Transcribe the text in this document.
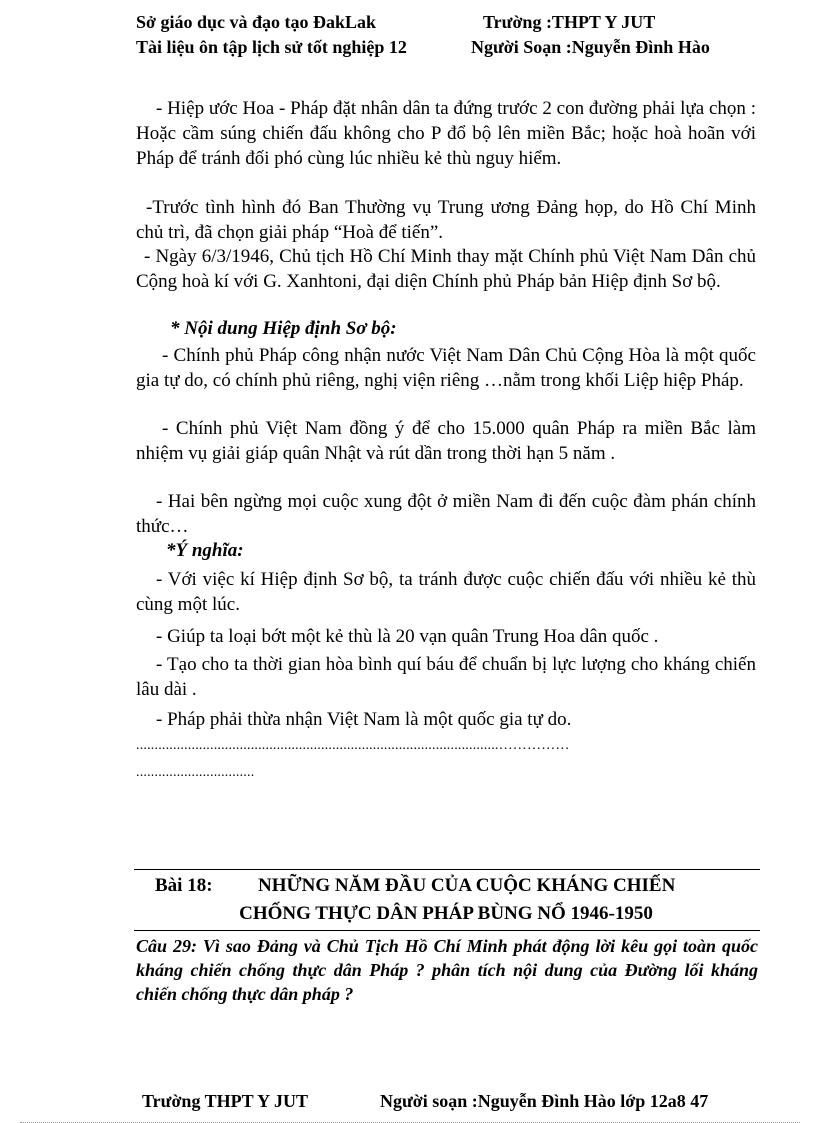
Sở giáo dục và đạo tạo ĐakLak	Trường :THPT Y JUT
Tài liệu ôn tập lịch sử tốt nghiệp 12	Người Soạn :Nguyễn Đình Hào
- Hiệp ước Hoa - Pháp đặt nhân dân ta đứng trước 2 con đường phải lựa chọn : Hoặc cầm súng chiến đấu không cho P đổ bộ lên miền Bắc; hoặc hoà hoãn với Pháp để tránh đối phó cùng lúc nhiều kẻ thù nguy hiểm.
-Trước tình hình đó Ban Thường vụ Trung ương Đảng họp, do Hồ Chí Minh chủ trì, đã chọn giải pháp “Hoà để tiến”.
- Ngày 6/3/1946, Chủ tịch Hồ Chí Minh thay mặt Chính phủ Việt Nam Dân chủ Cộng hoà kí với G. Xanhtoni, đại diện Chính phủ Pháp bản Hiệp định Sơ bộ.
* Nội dung Hiệp định Sơ bộ:
- Chính phủ Pháp công nhận nước Việt Nam Dân Chủ Cộng Hòa là một quốc gia tự do, có chính phủ riêng, nghị viện riêng …nằm trong khối Liệp hiệp Pháp.
- Chính phủ Việt Nam đồng ý để cho 15.000 quân Pháp ra miền Bắc làm nhiệm vụ giải giáp quân Nhật và rút dần trong thời hạn 5 năm .
- Hai bên ngừng mọi cuộc xung đột ở miền Nam đi đến cuộc đàm phán chính thức…
*Ý nghĩa:
- Với việc kí Hiệp định Sơ bộ, ta tránh được cuộc chiến đấu với nhiều kẻ thù cùng một lúc.
- Giúp ta loại bớt một kẻ thù là 20 vạn quân Trung Hoa dân quốc .
- Tạo cho ta thời gian hòa bình quí báu để chuẩn bị lực lượng cho kháng chiến lâu dài .
- Pháp phải thừa nhận Việt Nam là một quốc gia tự do.
..................................................................................................……………
................................
Bài 18: NHỮNG NĂM ĐẦU CỦA CUỘC KHÁNG CHIẾN
CHỐNG THỰC DÂN PHÁP BÙNG NỔ 1946-1950
Câu 29: Vì sao Đảng và Chủ Tịch Hồ Chí Minh phát động lời kêu gọi toàn quốc kháng chiến chống thực dân Pháp ? phân tích nội dung của Đường lối kháng chiến chống thực dân pháp ?
Trường THPT Y JUT	Người soạn :Nguyễn Đình Hào lớp 12a8 47
